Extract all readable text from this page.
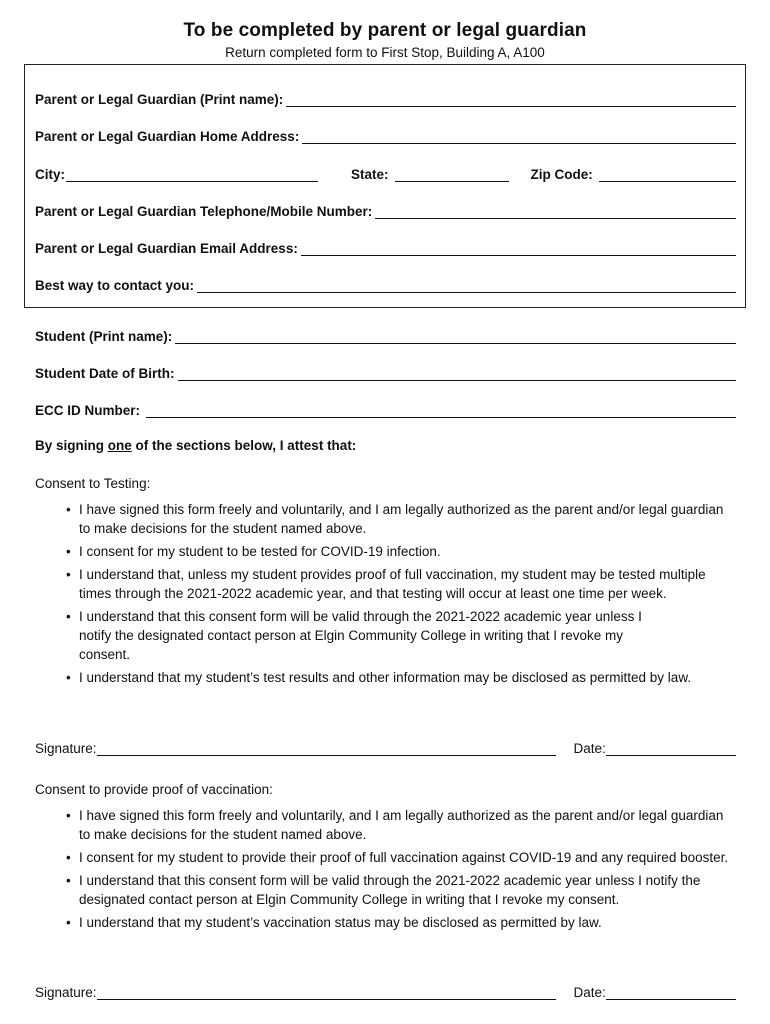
To be completed by parent or legal guardian
Return completed form to First Stop, Building A, A100
Parent or Legal Guardian (Print name):
Parent or Legal Guardian Home Address:
City:	State:	Zip Code:
Parent or Legal Guardian Telephone/Mobile Number:
Parent or Legal Guardian Email Address:
Best way to contact you:
Student (Print name):
Student Date of Birth:
ECC ID Number:
By signing one of the sections below, I attest that:
Consent to Testing:
• I have signed this form freely and voluntarily, and I am legally authorized as the parent and/or legal guardian to make decisions for the student named above.
• I consent for my student to be tested for COVID-19 infection.
• I understand that, unless my student provides proof of full vaccination, my student may be tested multiple times through the 2021-2022 academic year, and that testing will occur at least one time per week.
• I understand that this consent form will be valid through the 2021-2022 academic year unless I notify the designated contact person at Elgin Community College in writing that I revoke my consent.
• I understand that my student’s test results and other information may be disclosed as permitted by law.
Signature:	Date:
Consent to provide proof of vaccination:
• I have signed this form freely and voluntarily, and I am legally authorized as the parent and/or legal guardian to make decisions for the student named above.
• I consent for my student to provide their proof of full vaccination against COVID-19 and any required booster.
• I understand that this consent form will be valid through the 2021-2022 academic year unless I notify the designated contact person at Elgin Community College in writing that I revoke my consent.
• I understand that my student’s vaccination status may be disclosed as permitted by law.
Signature:	Date:
